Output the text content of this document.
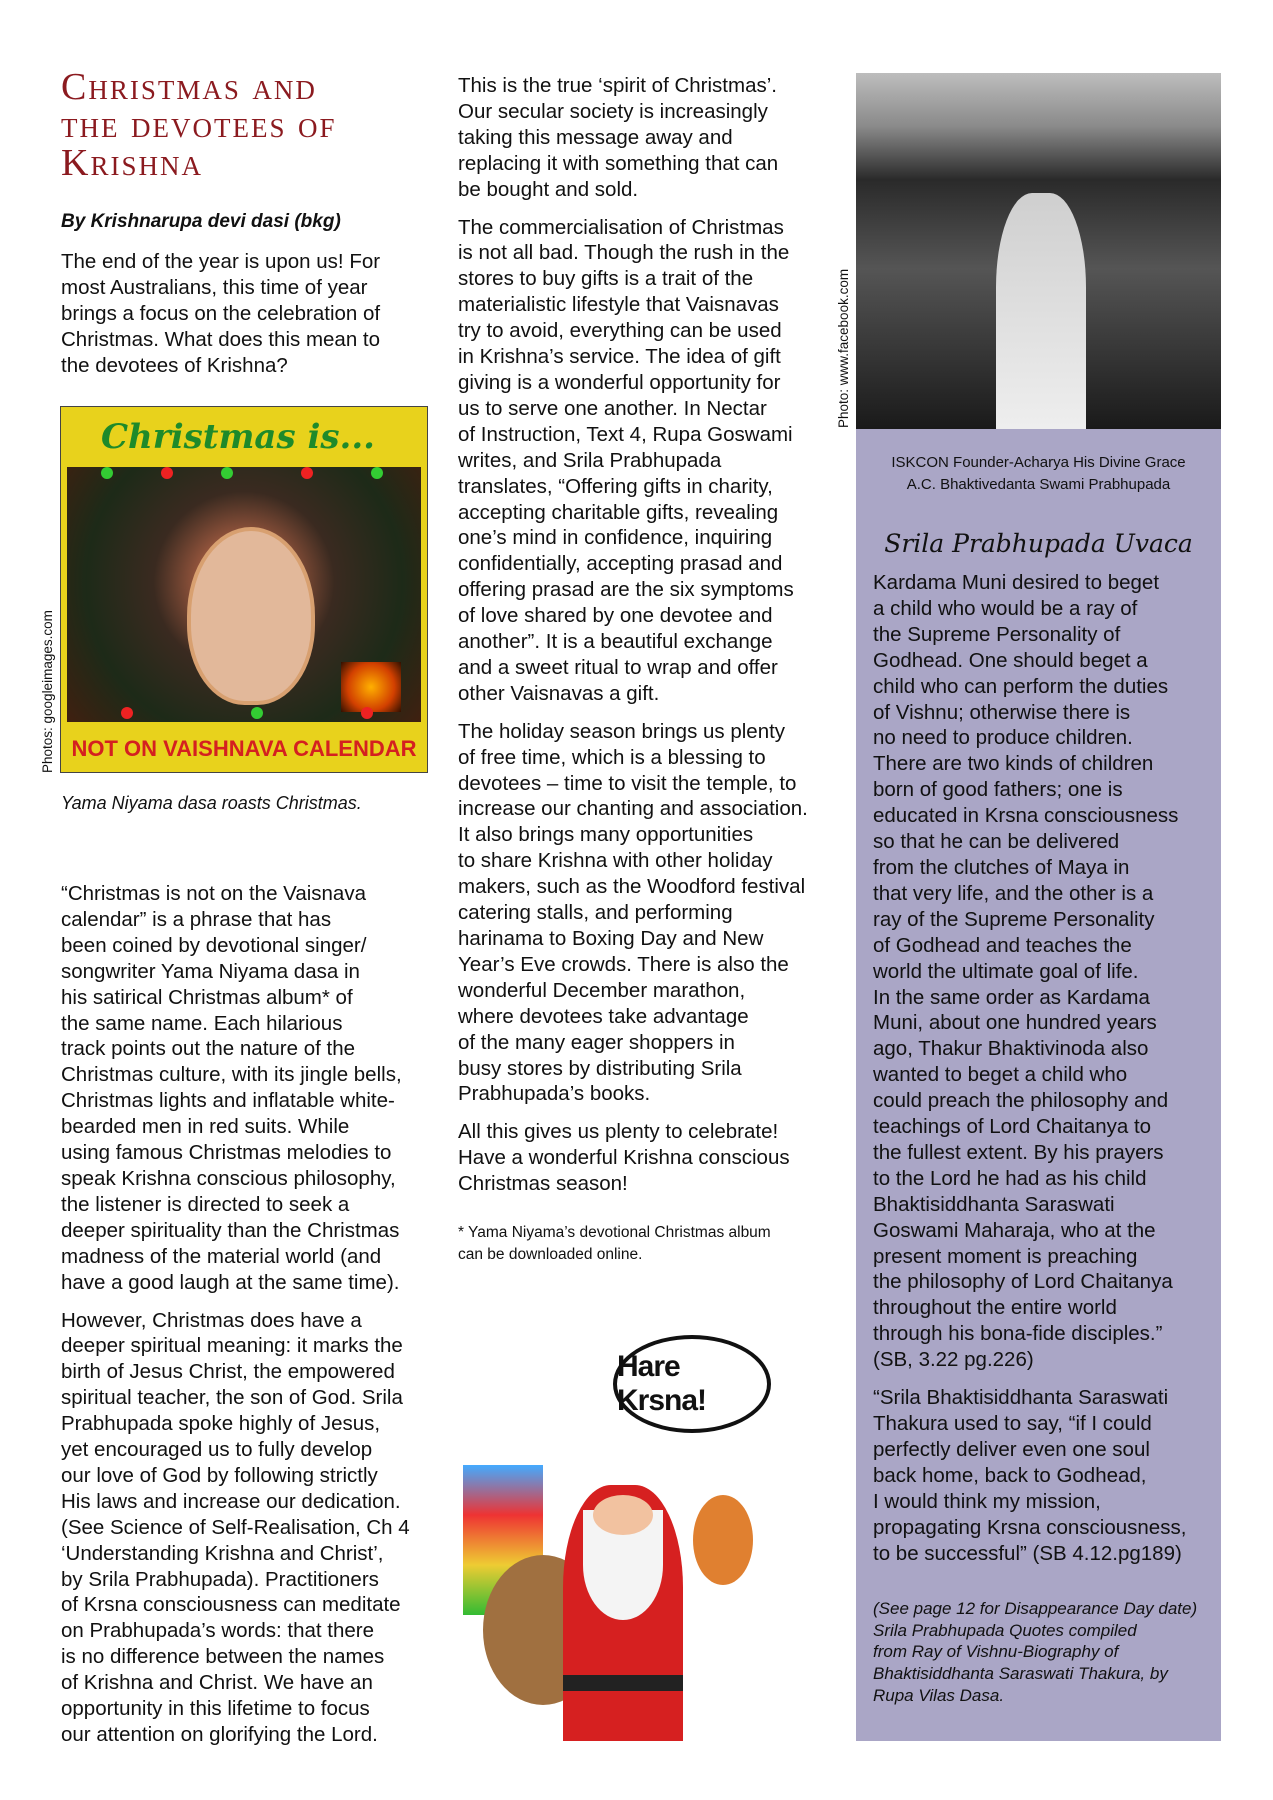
Christmas and
the devotees of
Krishna
By Krishnarupa devi dasi (bkg)
The end of the year is upon us! For
most Australians, this time of year
brings a focus on the celebration of
Christmas. What does this mean to
the devotees of Krishna?
Christmas is...
NOT ON VAISHNAVA CALENDAR
Photos: googleimages.com
Yama Niyama dasa roasts Christmas.
“Christmas is not on the Vaisnava
calendar” is a phrase that has
been coined by devotional singer/
songwriter Yama Niyama dasa in
his satirical Christmas album* of
the same name. Each hilarious
track points out the nature of the
Christmas culture, with its jingle bells,
Christmas lights and inflatable white-
bearded men in red suits. While
using famous Christmas melodies to
speak Krishna conscious philosophy,
the listener is directed to seek a
deeper spirituality than the Christmas
madness of the material world (and
have a good laugh at the same time).
However, Christmas does have a
deeper spiritual meaning: it marks the
birth of Jesus Christ, the empowered
spiritual teacher, the son of God. Srila
Prabhupada spoke highly of Jesus,
yet encouraged us to fully develop
our love of God by following strictly
His laws and increase our dedication.
(See Science of Self-Realisation, Ch 4
‘Understanding Krishna and Christ’,
by Srila Prabhupada). Practitioners
of Krsna consciousness can meditate
on Prabhupada’s words: that there
is no difference between the names
of Krishna and Christ. We have an
opportunity in this lifetime to focus
our attention on glorifying the Lord.
This is the true ‘spirit of Christmas’.
Our secular society is increasingly
taking this message away and
replacing it with something that can
be bought and sold.
The commercialisation of Christmas
is not all bad. Though the rush in the
stores to buy gifts is a trait of the
materialistic lifestyle that Vaisnavas
try to avoid, everything can be used
in Krishna’s service. The idea of gift
giving is a wonderful opportunity for
us to serve one another. In Nectar
of Instruction, Text 4, Rupa Goswami
writes, and Srila Prabhupada
translates, “Offering gifts in charity,
accepting charitable gifts, revealing
one’s mind in confidence, inquiring
confidentially, accepting prasad and
offering prasad are the six symptoms
of love shared by one devotee and
another”. It is a beautiful exchange
and a sweet ritual to wrap and offer
other Vaisnavas a gift.
The holiday season brings us plenty
of free time, which is a blessing to
devotees – time to visit the temple, to
increase our chanting and association.
It also brings many opportunities
to share Krishna with other holiday
makers, such as the Woodford festival
catering stalls, and performing
harinama to Boxing Day and New
Year’s Eve crowds. There is also the
wonderful December marathon,
where devotees take advantage
of the many eager shoppers in
busy stores by distributing Srila
Prabhupada’s books.
All this gives us plenty to celebrate!
Have a wonderful Krishna conscious
Christmas season!
* Yama Niyama’s devotional Christmas album
can be downloaded online.
Hare Krsna!
Photo: www.facebook.com
ISKCON Founder-Acharya His Divine Grace
A.C. Bhaktivedanta Swami Prabhupada
Srila Prabhupada Uvaca
Kardama Muni desired to beget
a child who would be a ray of
the Supreme Personality of
Godhead. One should beget a
child who can perform the duties
of Vishnu; otherwise there is
no need to produce children.
There are two kinds of children
born of good fathers; one is
educated in Krsna consciousness
so that he can be delivered
from the clutches of Maya in
that very life, and the other is a
ray of the Supreme Personality
of Godhead and teaches the
world the ultimate goal of life.
In the same order as Kardama
Muni, about one hundred years
ago, Thakur Bhaktivinoda also
wanted to beget a child who
could preach the philosophy and
teachings of Lord Chaitanya to
the fullest extent. By his prayers
to the Lord he had as his child
Bhaktisiddhanta Saraswati
Goswami Maharaja, who at the
present moment is preaching
the philosophy of Lord Chaitanya
throughout the entire world
through his bona-fide disciples.”
(SB, 3.22 pg.226)
“Srila Bhaktisiddhanta Saraswati
Thakura used to say, “if I could
perfectly deliver even one soul
back home, back to Godhead,
I would think my mission,
propagating Krsna consciousness,
to be successful” (SB 4.12.pg189)
(See page 12 for Disappearance Day date)
Srila Prabhupada Quotes compiled
from Ray of Vishnu-Biography of
Bhaktisiddhanta Saraswati Thakura, by
Rupa Vilas Dasa.
